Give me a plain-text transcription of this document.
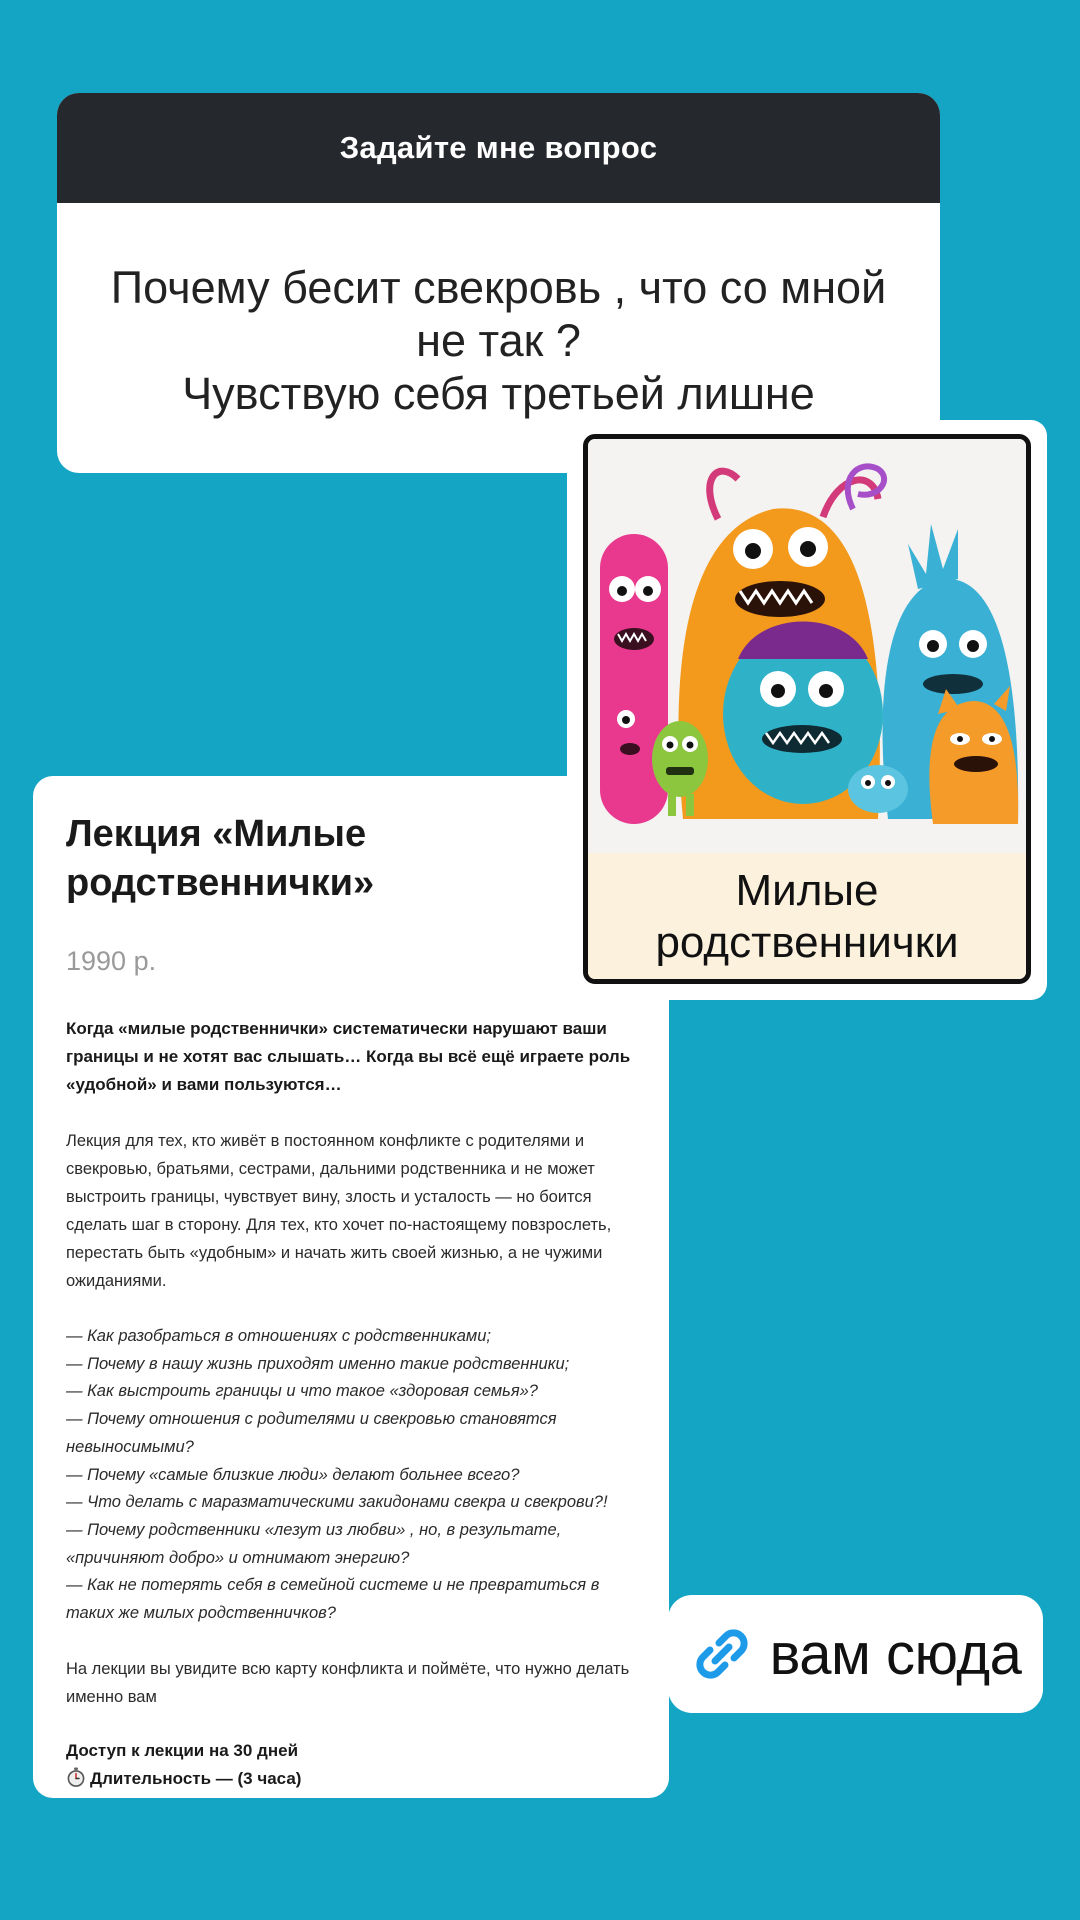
Задайте мне вопрос
Почему бесит свекровь , что со мной
не так ?
Чувствую себя третьей лишне
Лекция «Милые
родственнички»
1990 р.
Когда «милые родственнички» систематически нарушают ваши границы и не хотят вас слышать… Когда вы всё ещё играете роль «удобной» и вами пользуются…
Лекция для тех, кто живёт в постоянном конфликте с родителями и свекровью, братьями, сестрами, дальними родственника и не может выстроить границы, чувствует вину, злость и усталость — но боится сделать шаг в сторону. Для тех, кто хочет по-настоящему повзрослеть, перестать быть «удобным» и начать жить своей жизнью, а не чужими ожиданиями.
— Как разобраться в отношениях с родственниками;
— Почему в нашу жизнь приходят именно такие родственники;
— Как выстроить границы и что такое «здоровая семья»?
— Почему отношения с родителями и свекровью становятся невыносимыми?
— Почему «самые близкие люди» делают больнее всего?
— Что делать с маразматическими закидонами свекра и свекрови?!
— Почему родственники «лезут из любви» , но, в результате, «причиняют добро» и отнимают энергию?
— Как не потерять себя в семейной системе и не превратиться в таких же милых родственничков?
На лекции вы увидите всю карту конфликта и поймёте, что нужно делать именно вам
Доступ к лекции на 30 дней
Длительность — (3 часа)
Милые
родственнички
вам сюда
